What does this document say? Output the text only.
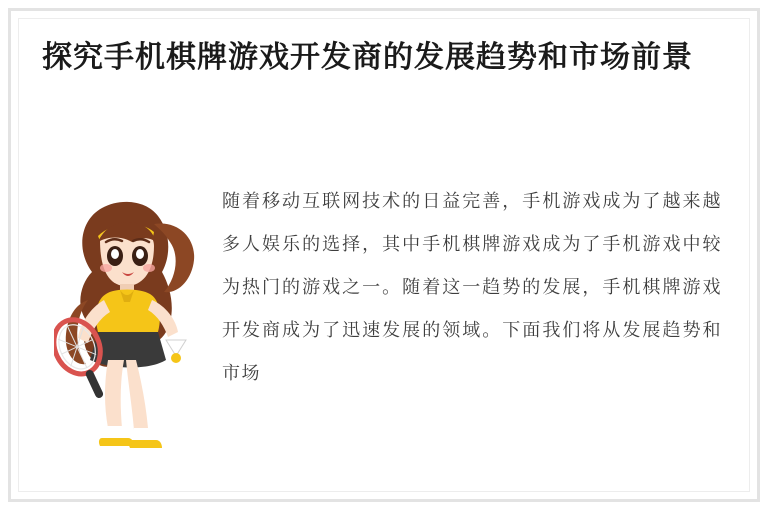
探究手机棋牌游戏开发商的发展趋势和市场前景
随着移动互联网技术的日益完善，手机游戏成为了越来越多人娱乐的选择，其中手机棋牌游戏成为了手机游戏中较为热门的游戏之一。随着这一趋势的发展，手机棋牌游戏开发商成为了迅速发展的领域。下面我们将从发展趋势和市场
